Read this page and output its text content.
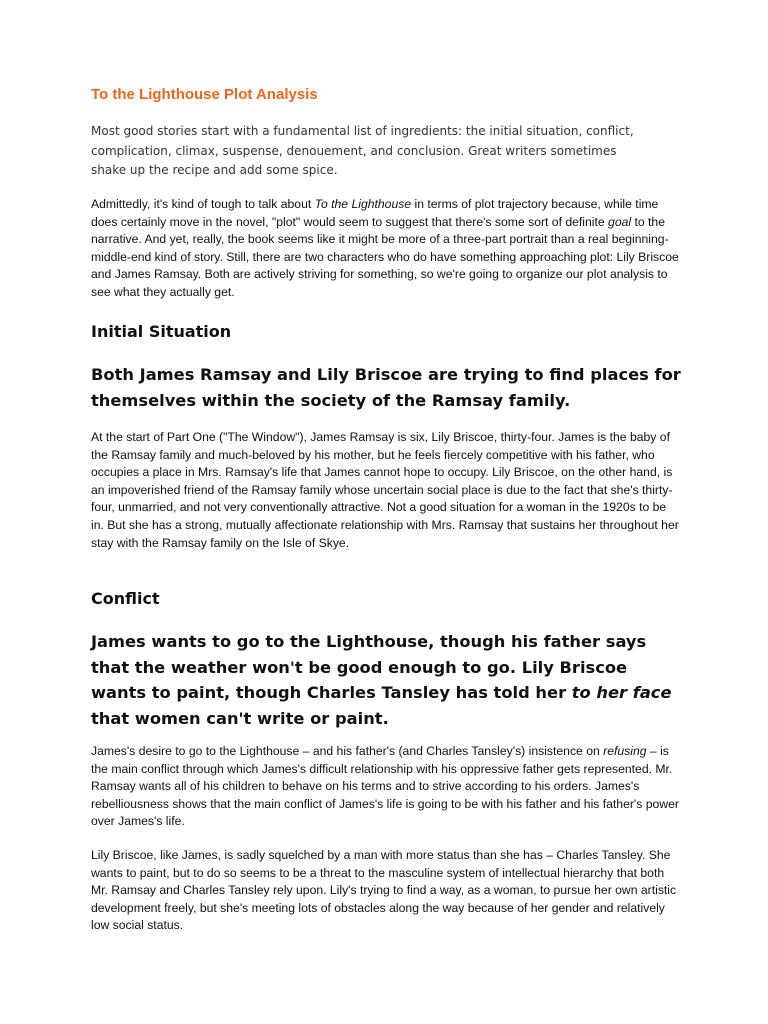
To the Lighthouse Plot Analysis

Most good stories start with a fundamental list of ingredients: the initial situation, conflict, complication, climax, suspense, denouement, and conclusion. Great writers sometimes shake up the recipe and add some spice.

Admittedly, it's kind of tough to talk about To the Lighthouse in terms of plot trajectory because, while time does certainly move in the novel, "plot" would seem to suggest that there's some sort of definite goal to the narrative. And yet, really, the book seems like it might be more of a three-part portrait than a real beginning-middle-end kind of story. Still, there are two characters who do have something approaching plot: Lily Briscoe and James Ramsay. Both are actively striving for something, so we're going to organize our plot analysis to see what they actually get.

Initial Situation
Both James Ramsay and Lily Briscoe are trying to find places for themselves within the society of the Ramsay family.

At the start of Part One ("The Window"), James Ramsay is six, Lily Briscoe, thirty-four. James is the baby of the Ramsay family and much-beloved by his mother, but he feels fiercely competitive with his father, who occupies a place in Mrs. Ramsay's life that James cannot hope to occupy. Lily Briscoe, on the other hand, is an impoverished friend of the Ramsay family whose uncertain social place is due to the fact that she's thirty-four, unmarried, and not very conventionally attractive. Not a good situation for a woman in the 1920s to be in. But she has a strong, mutually affectionate relationship with Mrs. Ramsay that sustains her throughout her stay with the Ramsay family on the Isle of Skye.

Conflict
James wants to go to the Lighthouse, though his father says that the weather won't be good enough to go. Lily Briscoe wants to paint, though Charles Tansley has told her to her face that women can't write or paint.

James's desire to go to the Lighthouse – and his father's (and Charles Tansley's) insistence on refusing – is the main conflict through which James's difficult relationship with his oppressive father gets represented. Mr. Ramsay wants all of his children to behave on his terms and to strive according to his orders. James's rebelliousness shows that the main conflict of James's life is going to be with his father and his father's power over James's life.

Lily Briscoe, like James, is sadly squelched by a man with more status than she has – Charles Tansley. She wants to paint, but to do so seems to be a threat to the masculine system of intellectual hierarchy that both Mr. Ramsay and Charles Tansley rely upon. Lily's trying to find a way, as a woman, to pursue her own artistic development freely, but she's meeting lots of obstacles along the way because of her gender and relatively low social status.
